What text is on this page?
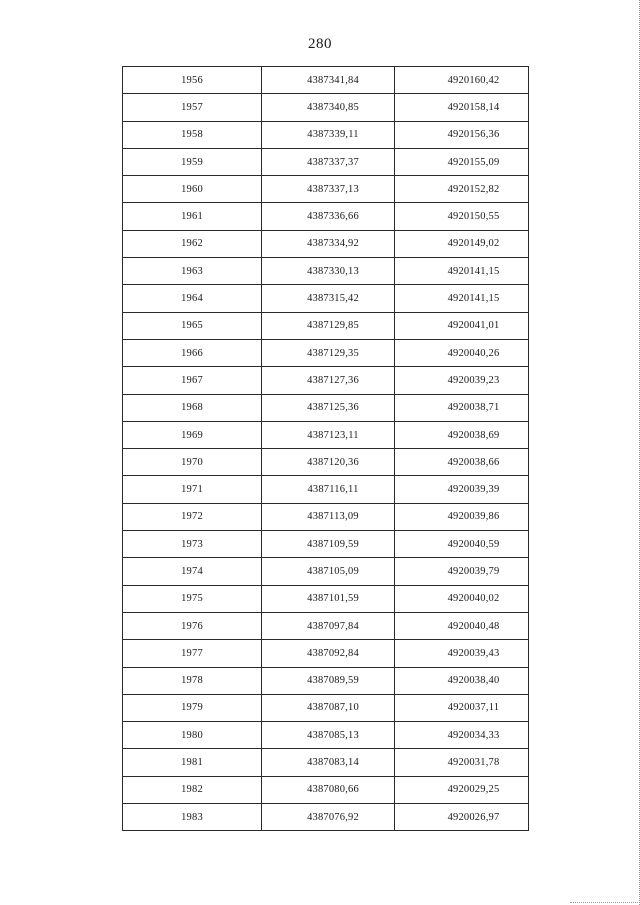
280
1956	4387341,84	4920160,42
1957	4387340,85	4920158,14
1958	4387339,11	4920156,36
1959	4387337,37	4920155,09
1960	4387337,13	4920152,82
1961	4387336,66	4920150,55
1962	4387334,92	4920149,02
1963	4387330,13	4920141,15
1964	4387315,42	4920141,15
1965	4387129,85	4920041,01
1966	4387129,35	4920040,26
1967	4387127,36	4920039,23
1968	4387125,36	4920038,71
1969	4387123,11	4920038,69
1970	4387120,36	4920038,66
1971	4387116,11	4920039,39
1972	4387113,09	4920039,86
1973	4387109,59	4920040,59
1974	4387105,09	4920039,79
1975	4387101,59	4920040,02
1976	4387097,84	4920040,48
1977	4387092,84	4920039,43
1978	4387089,59	4920038,40
1979	4387087,10	4920037,11
1980	4387085,13	4920034,33
1981	4387083,14	4920031,78
1982	4387080,66	4920029,25
1983	4387076,92	4920026,97
